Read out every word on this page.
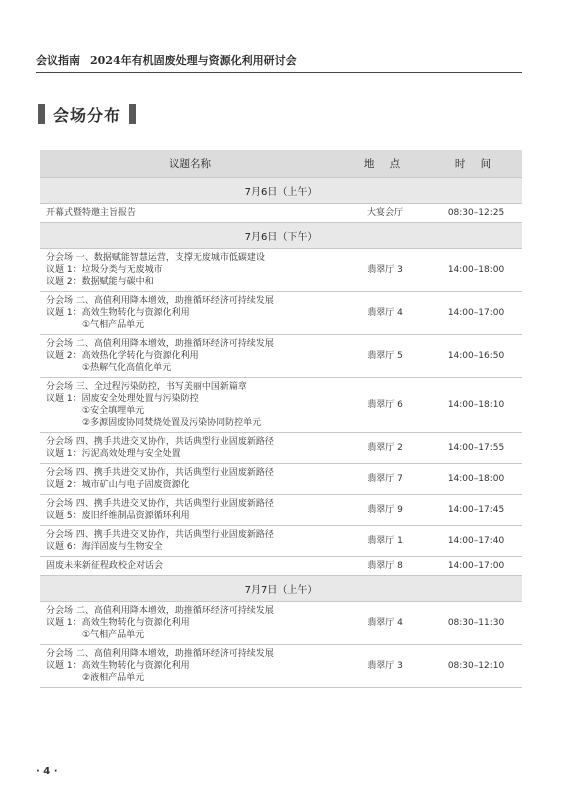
会议指南 2024年有机固废处理与资源化利用研讨会
会场分布
议题名称	地 点	时 间
7月6日（上午）		

开幕式暨特邀主旨报告	大宴会厅	08:30–12:25
7月6日（下午）		

分会场 一、数据赋能智慧运营，支撑无废城市低碳建设
议题 1：垃圾分类与无废城市
议题 2：数据赋能与碳中和	翡翠厅 3	14:00–18:00

分会场 二、高值利用降本增效，助推循环经济可持续发展
议题 1：高效生物转化与资源化利用
①气相产品单元	翡翠厅 4	14:00–17:00

分会场 二、高值利用降本增效，助推循环经济可持续发展
议题 2：高效热化学转化与资源化利用
①热解气化高值化单元	翡翠厅 5	14:00–16:50

分会场 三、全过程污染防控，书写美丽中国新篇章
议题 1：固废安全处理处置与污染防控
①安全填埋单元
②多源固废协同焚烧处置及污染协同防控单元	翡翠厅 6	14:00–18:10

分会场 四、携手共进交叉协作，共话典型行业固废新路径
议题 1：污泥高效处理与安全处置	翡翠厅 2	14:00–17:55

分会场 四、携手共进交叉协作，共话典型行业固废新路径
议题 2：城市矿山与电子固废资源化	翡翠厅 7	14:00–18:00

分会场 四、携手共进交叉协作，共话典型行业固废新路径
议题 5：废旧纤维制品资源循环利用	翡翠厅 9	14:00–17:45

分会场 四、携手共进交叉协作，共话典型行业固废新路径
议题 6：海洋固废与生物安全	翡翠厅 1	14:00–17:40

固废未来新征程政校企对话会	翡翠厅 8	14:00–17:00
7月7日（上午）		

分会场 二、高值利用降本增效，助推循环经济可持续发展
议题 1：高效生物转化与资源化利用
①气相产品单元	翡翠厅 4	08:30–11:30

分会场 二、高值利用降本增效，助推循环经济可持续发展
议题 1：高效生物转化与资源化利用
②液相产品单元	翡翠厅 3	08:30–12:10
· 4 ·
